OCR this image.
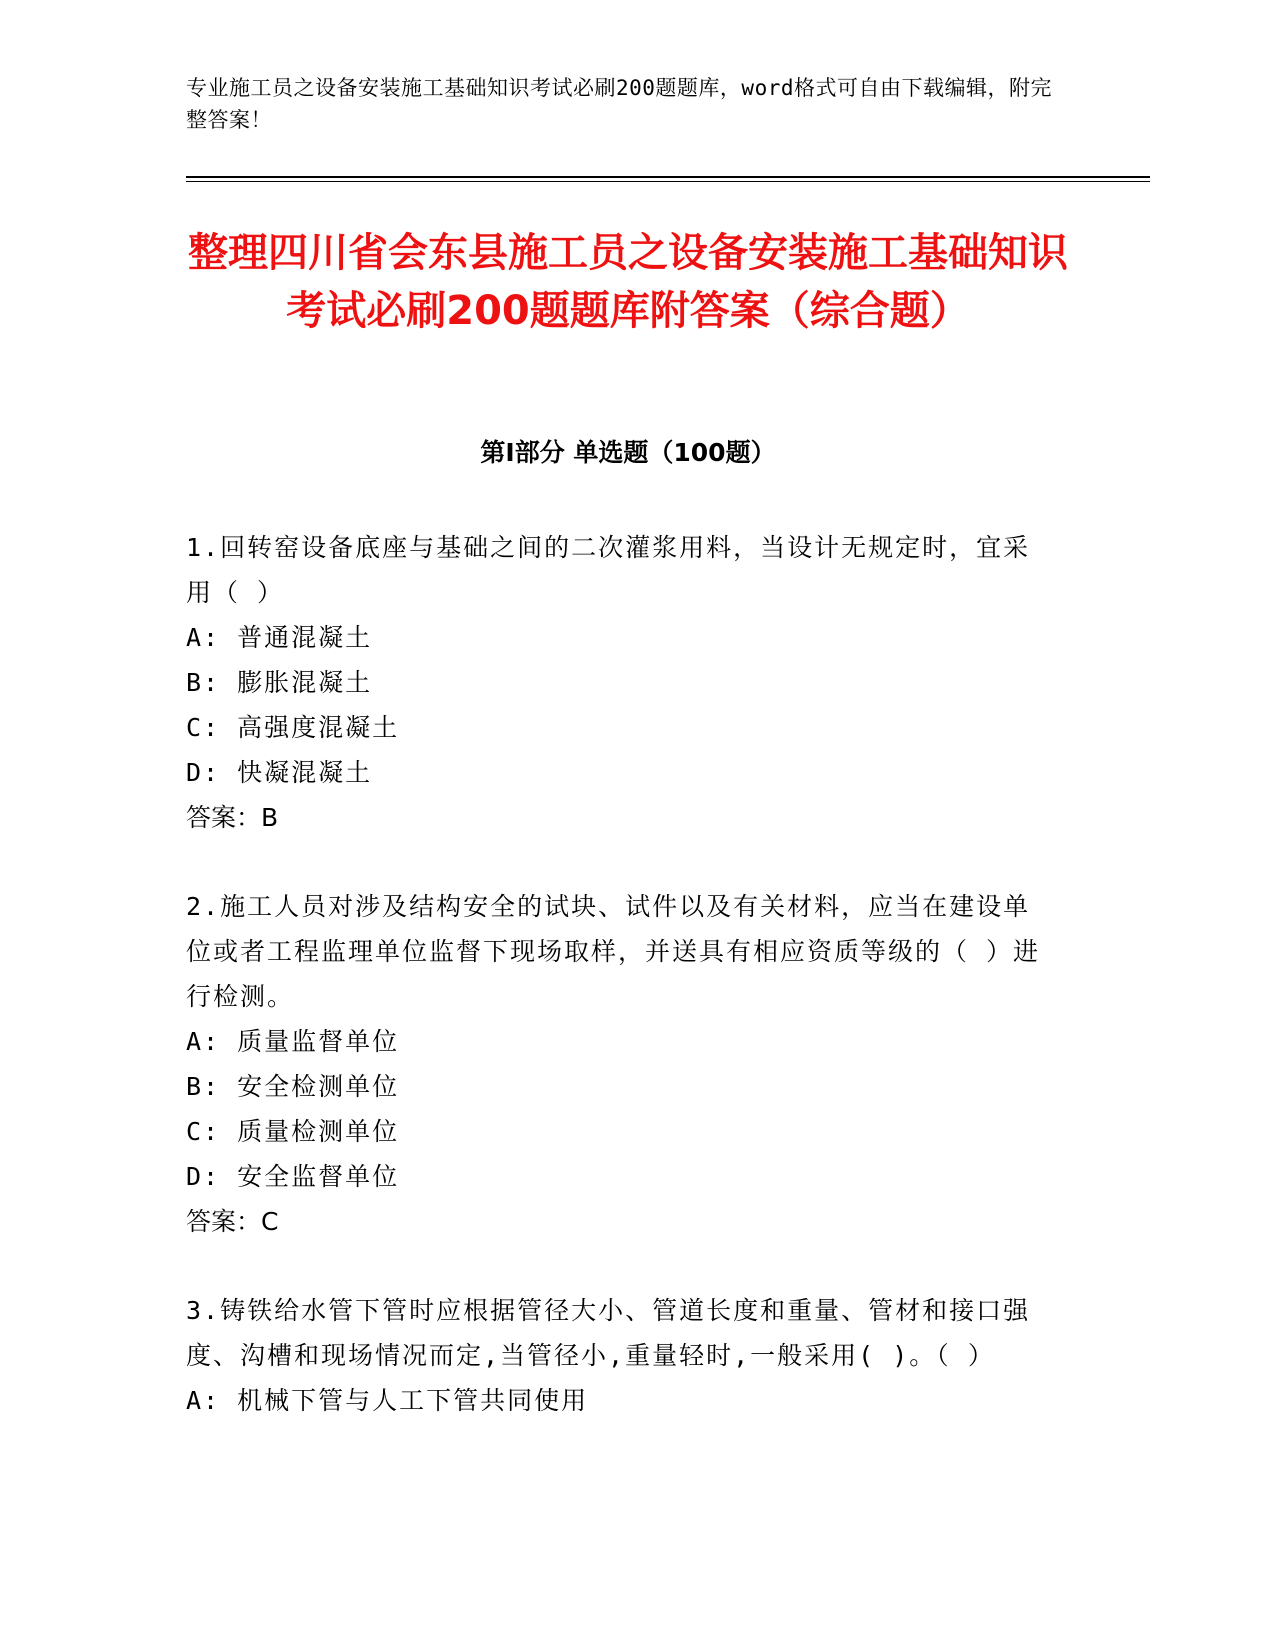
专业施工员之设备安装施工基础知识考试必刷200题题库，word格式可自由下载编辑，附完整答案！
整理四川省会东县施工员之设备安装施工基础知识考试必刷200题题库附答案（综合题）
第Ⅰ部分 单选题（100题）
1.回转窑设备底座与基础之间的二次灌浆用料，当设计无规定时，宜采用（ ）
A: 普通混凝土
B: 膨胀混凝土
C: 高强度混凝土
D: 快凝混凝土
答案：B
2.施工人员对涉及结构安全的试块、试件以及有关材料，应当在建设单位或者工程监理单位监督下现场取样，并送具有相应资质等级的（ ）进行检测。
A: 质量监督单位
B: 安全检测单位
C: 质量检测单位
D: 安全监督单位
答案：C
3.铸铁给水管下管时应根据管径大小、管道长度和重量、管材和接口强度、沟槽和现场情况而定,当管径小,重量轻时,一般采用( )。（ ）
A: 机械下管与人工下管共同使用
